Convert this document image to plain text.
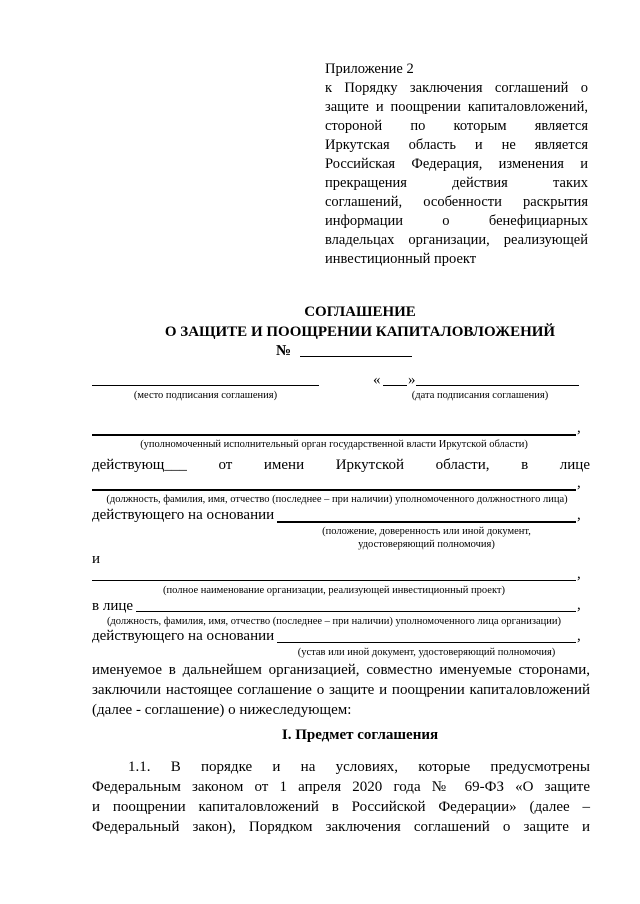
Приложение 2
к Порядку заключения соглашений о
защите и поощрении капиталовложений,
стороной по которым является
Иркутская область и не является
Российская Федерация, изменения и
прекращения действия таких
соглашений, особенности раскрытия
информации о бенефициарных
владельцах организации, реализующей
инвестиционный проект
СОГЛАШЕНИЕ
О ЗАЩИТЕ И ПООЩРЕНИИ КАПИТАЛОВЛОЖЕНИЙ
№
(место подписания соглашения)
« »
(дата подписания соглашения)
,
(уполномоченный исполнительный орган государственной власти Иркутской области)
действующ___ от имени Иркутской области, в лице
,
(должность, фамилия, имя, отчество (последнее – при наличии) уполномоченного должностного лица)
действующего на основании	,
(положение, доверенность или иной документ,
удостоверяющий полномочия)
и
,
(полное наименование организации, реализующей инвестиционный проект)
в лице	,
(должность, фамилия, имя, отчество (последнее – при наличии) уполномоченного лица организации)
действующего на основании	,
(устав или иной документ, удостоверяющий полномочия)
именуемое в дальнейшем организацией, совместно именуемые сторонами,
заключили настоящее соглашение о защите и поощрении капиталовложений
(далее - соглашение) о нижеследующем:
I. Предмет соглашения
1.1. В порядке и на условиях, которые предусмотрены
Федеральным законом от 1 апреля 2020 года № 69-ФЗ «О защите
и поощрении капиталовложений в Российской Федерации» (далее –
Федеральный закон), Порядком заключения соглашений о защите и
